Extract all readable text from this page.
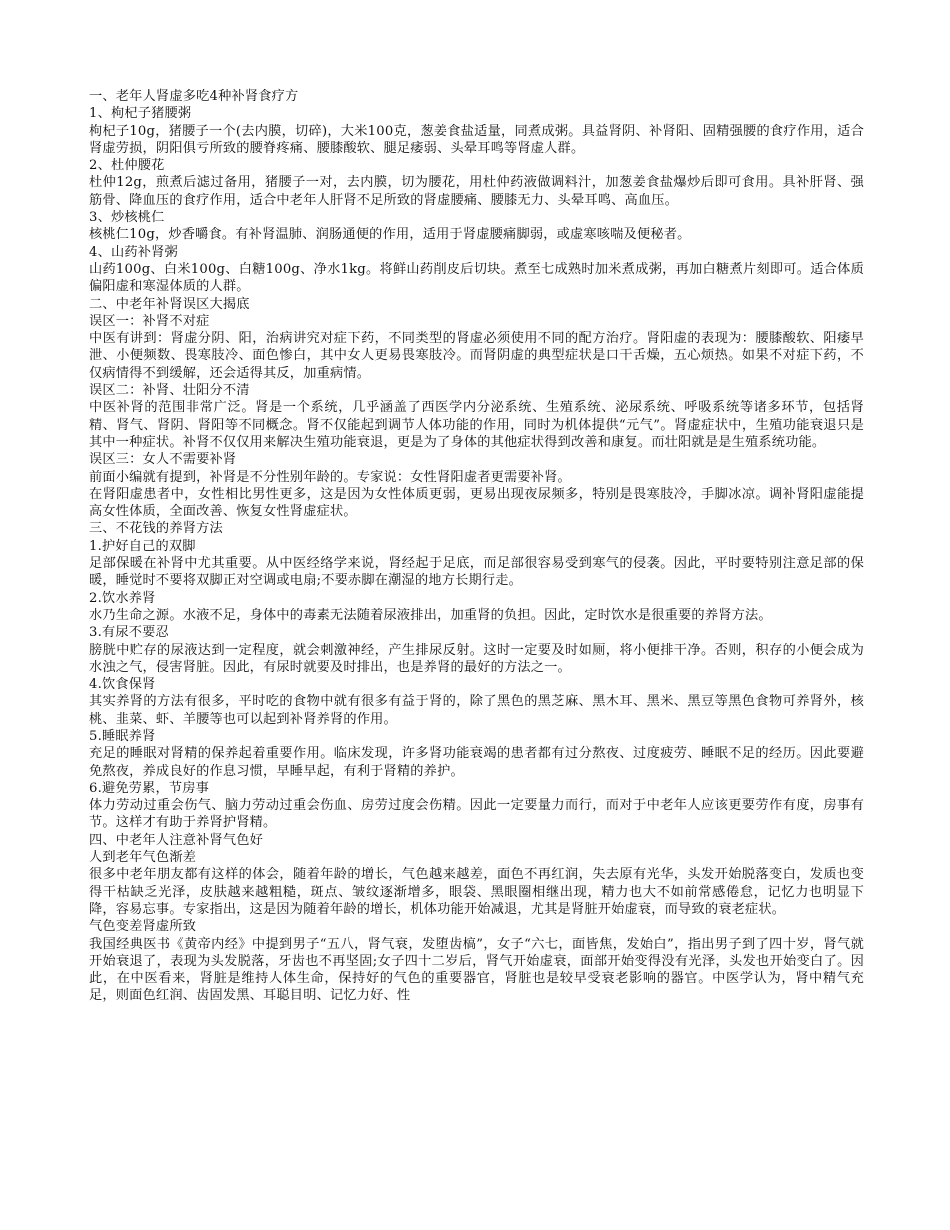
一、老年人肾虚多吃4种补肾食疗方

1、枸杞子猪腰粥

枸杞子10g，猪腰子一个(去内膜，切碎)，大米100克，葱姜食盐适量，同煮成粥。具益肾阴、补肾阳、固精强腰的食疗作用，适合肾虚劳损，阴阳俱亏所致的腰脊疼痛、腰膝酸软、腿足痿弱、头晕耳鸣等肾虚人群。

2、杜仲腰花

杜仲12g，煎煮后滤过备用，猪腰子一对，去内膜，切为腰花，用杜仲药液做调料汁，加葱姜食盐爆炒后即可食用。具补肝肾、强筋骨、降血压的食疗作用，适合中老年人肝肾不足所致的肾虚腰痛、腰膝无力、头晕耳鸣、高血压。

3、炒核桃仁

核桃仁10g，炒香嚼食。有补肾温肺、润肠通便的作用，适用于肾虚腰痛脚弱，或虚寒咳喘及便秘者。

4、山药补肾粥

山药100g、白米100g、白糖100g、净水1kg。将鲜山药削皮后切块。煮至七成熟时加米煮成粥，再加白糖煮片刻即可。适合体质偏阳虚和寒湿体质的人群。

二、中老年补肾误区大揭底

误区一：补肾不对症

中医有讲到：肾虚分阴、阳，治病讲究对症下药，不同类型的肾虚必须使用不同的配方治疗。肾阳虚的表现为：腰膝酸软、阳痿早泄、小便频数、畏寒肢冷、面色惨白，其中女人更易畏寒肢冷。而肾阴虚的典型症状是口干舌燥，五心烦热。如果不对症下药，不仅病情得不到缓解，还会适得其反，加重病情。

误区二：补肾、壮阳分不清

中医补肾的范围非常广泛。肾是一个系统，几乎涵盖了西医学内分泌系统、生殖系统、泌尿系统、呼吸系统等诸多环节，包括肾精、肾气、肾阴、肾阳等不同概念。肾不仅能起到调节人体功能的作用，同时为机体提供“元气”。肾虚症状中，生殖功能衰退只是其中一种症状。补肾不仅仅用来解决生殖功能衰退，更是为了身体的其他症状得到改善和康复。而壮阳就是是生殖系统功能。

误区三：女人不需要补肾

前面小编就有提到，补肾是不分性别年龄的。专家说：女性肾阳虚者更需要补肾。

在肾阳虚患者中，女性相比男性更多，这是因为女性体质更弱，更易出现夜尿频多，特别是畏寒肢冷，手脚冰凉。调补肾阳虚能提高女性体质，全面改善、恢复女性肾虚症状。

三、不花钱的养肾方法

1.护好自己的双脚

足部保暖在补肾中尤其重要。从中医经络学来说，肾经起于足底，而足部很容易受到寒气的侵袭。因此，平时要特别注意足部的保暖，睡觉时不要将双脚正对空调或电扇;不要赤脚在潮湿的地方长期行走。

2.饮水养肾

水乃生命之源。水液不足，身体中的毒素无法随着尿液排出，加重肾的负担。因此，定时饮水是很重要的养肾方法。

3.有尿不要忍

膀胱中贮存的尿液达到一定程度，就会刺激神经，产生排尿反射。这时一定要及时如厕，将小便排干净。否则，积存的小便会成为水浊之气，侵害肾脏。因此，有尿时就要及时排出，也是养肾的最好的方法之一。

4.饮食保肾

其实养肾的方法有很多，平时吃的食物中就有很多有益于肾的，除了黑色的黑芝麻、黑木耳、黑米、黑豆等黑色食物可养肾外，核桃、韭菜、虾、羊腰等也可以起到补肾养肾的作用。

5.睡眠养肾

充足的睡眠对肾精的保养起着重要作用。临床发现，许多肾功能衰竭的患者都有过分熬夜、过度疲劳、睡眠不足的经历。因此要避免熬夜，养成良好的作息习惯，早睡早起，有利于肾精的养护。

6.避免劳累，节房事

体力劳动过重会伤气、脑力劳动过重会伤血、房劳过度会伤精。因此一定要量力而行，而对于中老年人应该更要劳作有度，房事有节。这样才有助于养肾护肾精。

四、中老年人注意补肾气色好

人到老年气色渐差

很多中老年朋友都有这样的体会，随着年龄的增长，气色越来越差，面色不再红润，失去原有光华，头发开始脱落变白，发质也变得干枯缺乏光泽，皮肤越来越粗糙，斑点、皱纹逐渐增多，眼袋、黑眼圈相继出现，精力也大不如前常感倦怠，记忆力也明显下降，容易忘事。专家指出，这是因为随着年龄的增长，机体功能开始减退，尤其是肾脏开始虚衰，而导致的衰老症状。

气色变差肾虚所致

我国经典医书《黄帝内经》中提到男子“五八，肾气衰，发堕齿槁”，女子“六七，面皆焦，发始白”，指出男子到了四十岁，肾气就开始衰退了，表现为头发脱落，牙齿也不再坚固;女子四十二岁后，肾气开始虚衰，面部开始变得没有光泽，头发也开始变白了。因此，在中医看来，肾脏是维持人体生命，保持好的气色的重要器官，肾脏也是较早受衰老影响的器官。中医学认为，肾中精气充足，则面色红润、齿固发黑、耳聪目明、记忆力好、性
